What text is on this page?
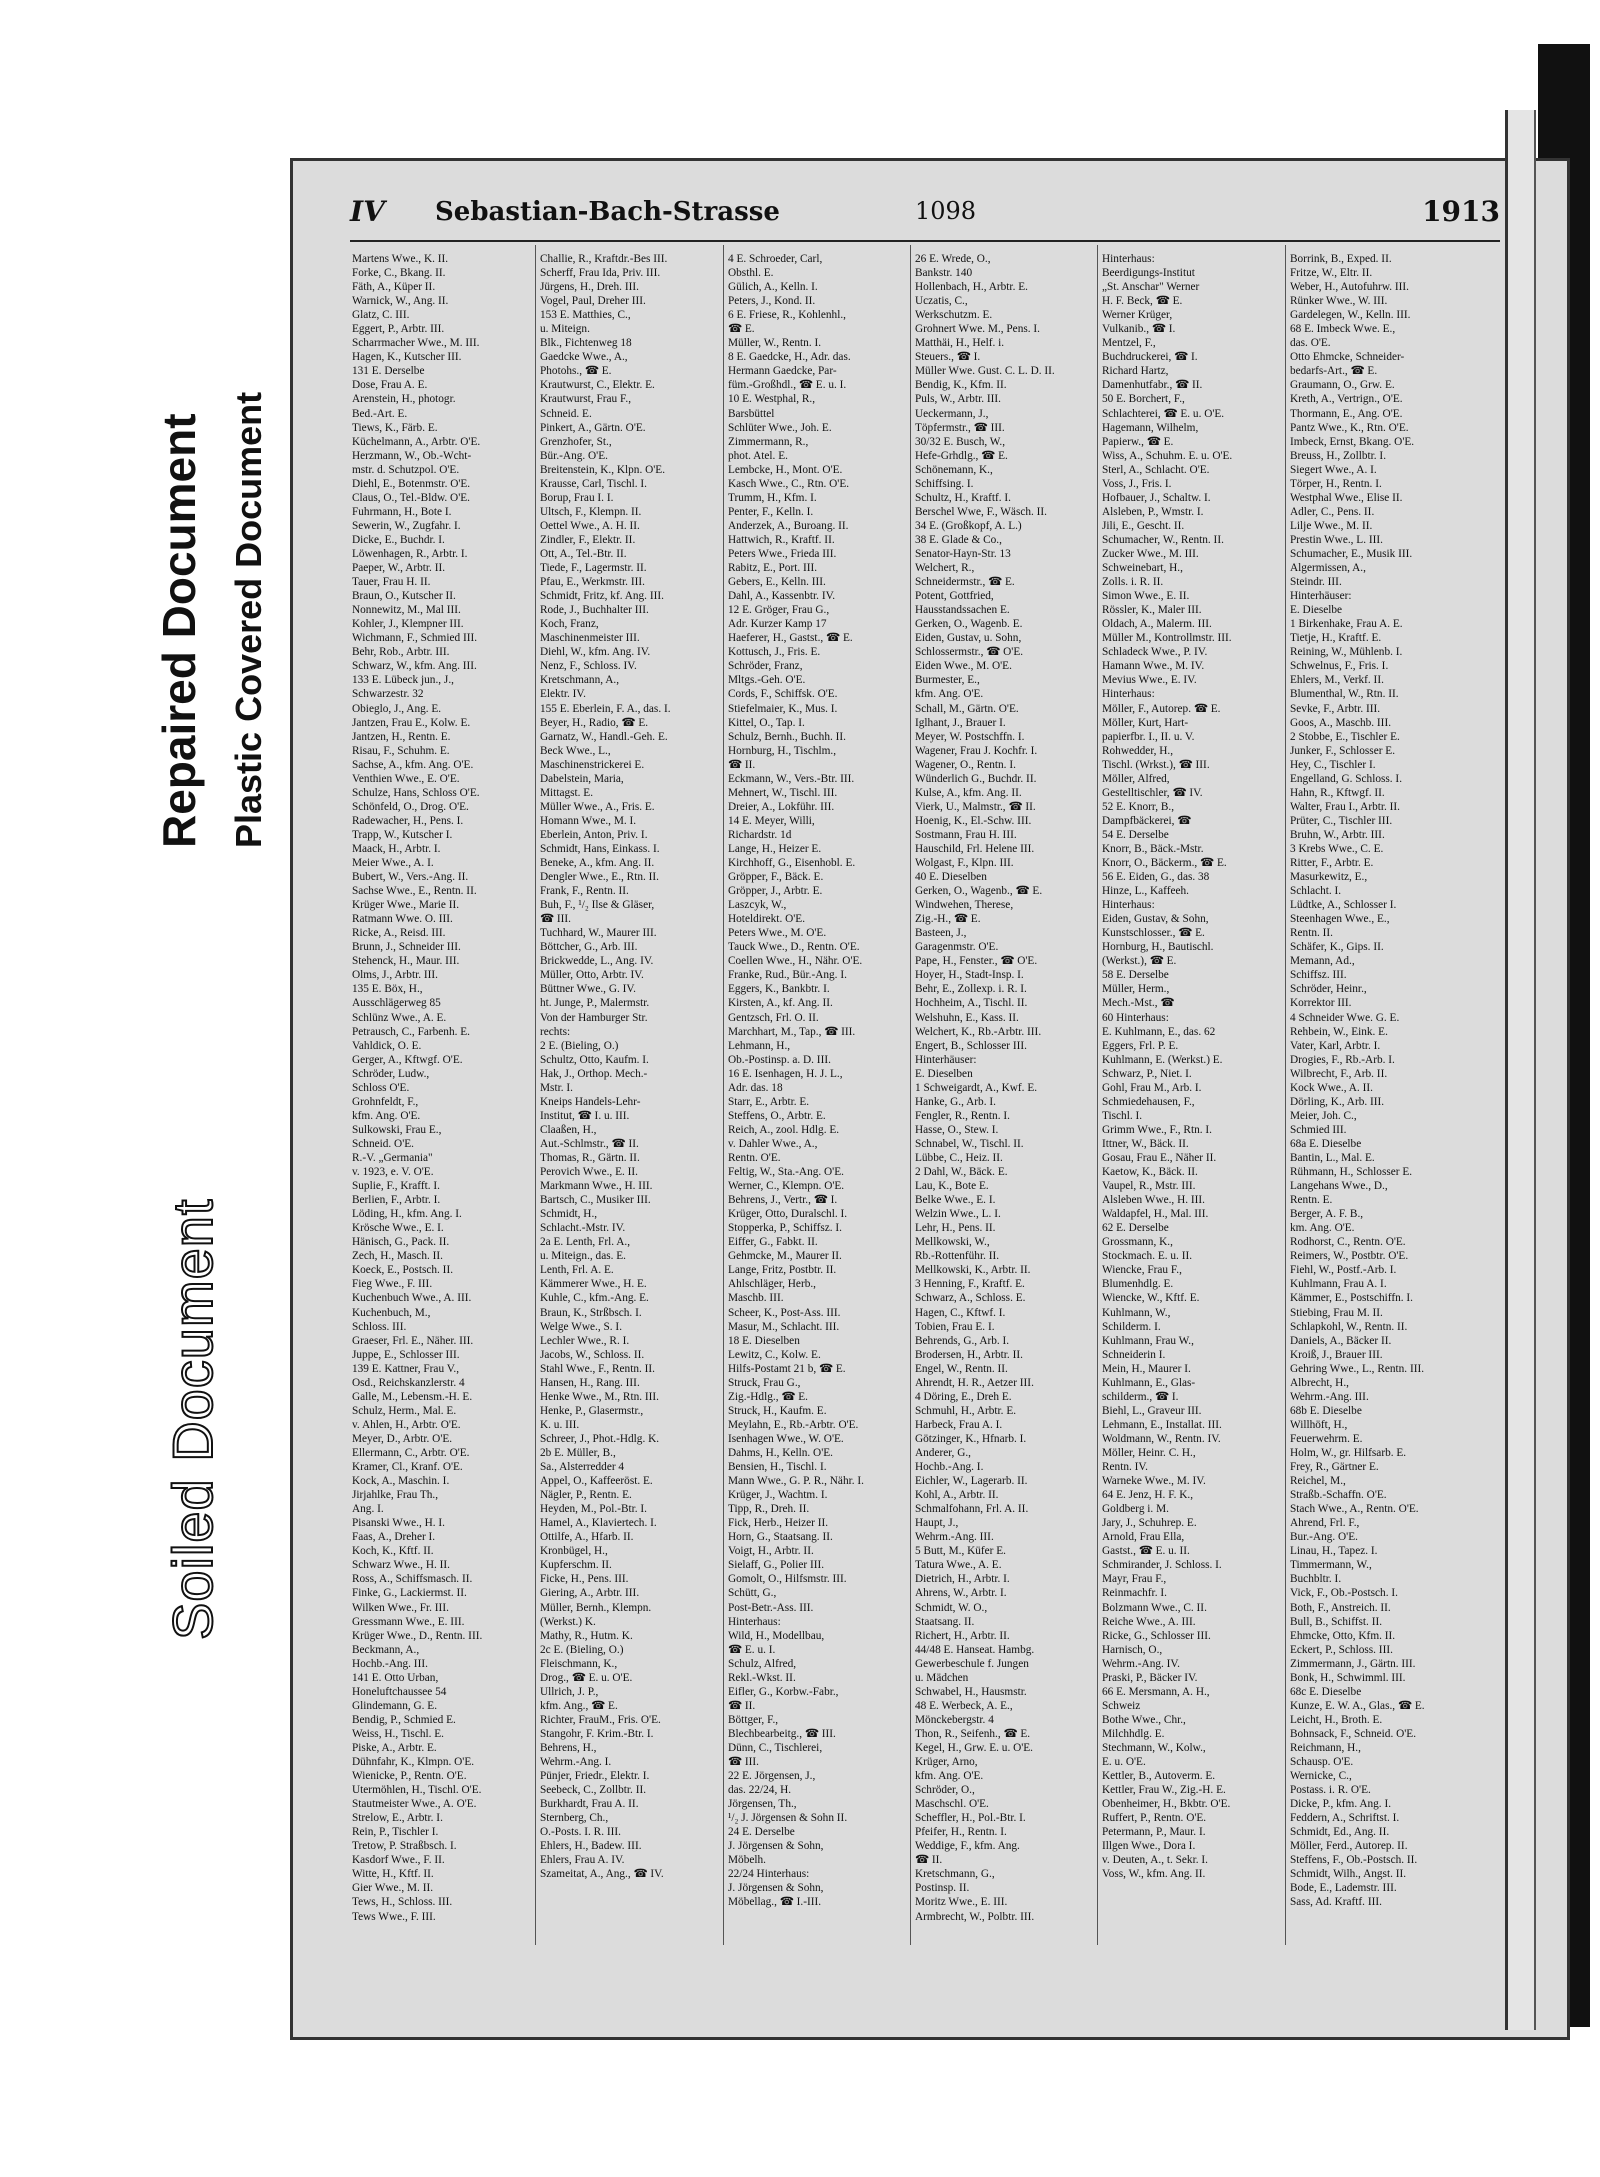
Repaired Document Plastic Covered Document
Soiled Document
IV Sebastian-Bach-Strasse	1098	1913
Martens Wwe., K. II.
Forke, C., Bkang. II.
Fäth, A., Küper II.
Warnick, W., Ang. II.
Glatz, C. III.
Eggert, P., Arbtr. III.
Scharrmacher Wwe., M. III.
Hagen, K., Kutscher III.
131 E. Derselbe
Dose, Frau A. E.
Arenstein, H., photogr.
Bed.-Art. E.
Tiews, K., Färb. E.
Küchelmann, A., Arbtr. O'E.
Herzmann, W., Ob.-Wcht-
mstr. d. Schutzpol. O'E.
Diehl, E., Botenmstr. O'E.
Claus, O., Tel.-Bldw. O'E.
Fuhrmann, H., Bote I.
Sewerin, W., Zugfahr. I.
Dicke, E., Buchdr. I.
Löwenhagen, R., Arbtr. I.
Paeper, W., Arbtr. II.
Tauer, Frau H. II.
Braun, O., Kutscher II.
Nonnewitz, M., Mal III.
Kohler, J., Klempner III.
Wichmann, F., Schmied III.
Behr, Rob., Arbtr. III.
Schwarz, W., kfm. Ang. III.
133 E. Lübeck jun., J.,
Schwarzestr. 32
Obieglo, J., Ang. E.
Jantzen, Frau E., Kolw. E.
Jantzen, H., Rentn. E.
Risau, F., Schuhm. E.
Sachse, A., kfm. Ang. O'E.
Venthien Wwe., E. O'E.
Schulze, Hans, Schloss O'E.
Schönfeld, O., Drog. O'E.
Radewacher, H., Pens. I.
Trapp, W., Kutscher I.
Maack, H., Arbtr. I.
Meier Wwe., A. I.
Bubert, W., Vers.-Ang. II.
Sachse Wwe., E., Rentn. II.
Krüger Wwe., Marie II.
Ratmann Wwe. O. III.
Ricke, A., Reisd. III.
Brunn, J., Schneider III.
Stehenck, H., Maur. III.
Olms, J., Arbtr. III.
135 E. Böx, H.,
Ausschlägerweg 85
Schlünz Wwe., A. E.
Petrausch, C., Farbenh. E.
Vahldick, O. E.
Gerger, A., Kftwgf. O'E.
Schröder, Ludw.,
Schloss O'E.
Grohnfeldt, F.,
kfm. Ang. O'E.
Sulkowski, Frau E.,
Schneid. O'E.
R.-V. „Germania"
v. 1923, e. V. O'E.
Suplie, F., Krafft. I.
Berlien, F., Arbtr. I.
Löding, H., kfm. Ang. I.
Krösche Wwe., E. I.
Hänisch, G., Pack. II.
Zech, H., Masch. II.
Koeck, E., Postsch. II.
Fieg Wwe., F. III.
Kuchenbuch Wwe., A. III.
Kuchenbuch, M.,
Schloss. III.
Graeser, Frl. E., Näher. III.
Juppe, E., Schlosser III.
139 E. Kattner, Frau V.,
Osd., Reichskanzlerstr. 4
Galle, M., Lebensm.-H. E.
Schulz, Herm., Mal. E.
v. Ahlen, H., Arbtr. O'E.
Meyer, D., Arbtr. O'E.
Ellermann, C., Arbtr. O'E.
Kramer, Cl., Kranf. O'E.
Kock, A., Maschin. I.
Jirjahlke, Frau Th.,
Ang. I.
Pisanski Wwe., H. I.
Faas, A., Dreher I.
Koch, K., Kftf. II.
Schwarz Wwe., H. II.
Ross, A., Schiffsmasch. II.
Finke, G., Lackiermst. II.
Wilken Wwe., Fr. III.
Gressmann Wwe., E. III.
Krüger Wwe., D., Rentn. III.
Beckmann, A.,
Hochb.-Ang. III.
141 E. Otto Urban,
Honeluftchaussee 54
Glindemann, G. E.
Bendig, P., Schmied E.
Weiss, H., Tischl. E.
Piske, A., Arbtr. E.
Dühnfahr, K., Klmpn. O'E.
Wienicke, P., Rentn. O'E.
Utermöhlen, H., Tischl. O'E.
Stautmeister Wwe., A. O'E.
Strelow, E., Arbtr. I.
Rein, P., Tischler I.
Tretow, P. Straßbsch. I.
Kasdorf Wwe., F. II.
Witte, H., Kftf. II.
Gier Wwe., M. II.
Tews, H., Schloss. III.
Tews Wwe., F. III.
Challie, R., Kraftdr.-Bes III.
Scherff, Frau Ida, Priv. III.
Jürgens, H., Dreh. III.
Vogel, Paul, Dreher III.
153 E. Matthies, C.,
u. Miteign.
Blk., Fichtenweg 18
Gaedcke Wwe., A.,
Photohs., ☎ E.
Krautwurst, C., Elektr. E.
Krautwurst, Frau F.,
Schneid. E.
Pinkert, A., Gärtn. O'E.
Grenzhofer, St.,
Bür.-Ang. O'E.
Breitenstein, K., Klpn. O'E.
Krausse, Carl, Tischl. I.
Borup, Frau I. I.
Ultsch, F., Klempn. II.
Oettel Wwe., A. H. II.
Zindler, F., Elektr. II.
Ott, A., Tel.-Btr. II.
Tiede, F., Lagermstr. II.
Pfau, E., Werkmstr. III.
Schmidt, Fritz, kf. Ang. III.
Rode, J., Buchhalter III.
Koch, Franz,
Maschinenmeister III.
Diehl, W., kfm. Ang. IV.
Nenz, F., Schloss. IV.
Kretschmann, A.,
Elektr. IV.
155 E. Eberlein, F. A., das. I.
Beyer, H., Radio, ☎ E.
Garnatz, W., Handl.-Geh. E.
Beck Wwe., L.,
Maschinenstrickerei E.
Dabelstein, Maria,
Mittagst. E.
Müller Wwe., A., Fris. E.
Homann Wwe., M. I.
Eberlein, Anton, Priv. I.
Schmidt, Hans, Einkass. I.
Beneke, A., kfm. Ang. II.
Dengler Wwe., E., Rtn. II.
Frank, F., Rentn. II.
Buh, F., ¹/₂ Ilse & Gläser,
☎ III.
Tuchhard, W., Maurer III.
Böttcher, G., Arb. III.
Brickwedde, L., Ang. IV.
Müller, Otto, Arbtr. IV.
Büttner Wwe., G. IV.
ht. Junge, P., Malermstr.
Von der Hamburger Str.
rechts:
2 E. (Bieling, O.)
Schultz, Otto, Kaufm. I.
Hak, J., Orthop. Mech.-
Mstr. I.
Kneips Handels-Lehr-
Institut, ☎ I. u. III.
Claaßen, H.,
Aut.-Schlmstr., ☎ II.
Thomas, R., Gärtn. II.
Perovich Wwe., E. II.
Markmann Wwe., H. III.
Bartsch, C., Musiker III.
Schmidt, H.,
Schlacht.-Mstr. IV.
2a E. Lenth, Frl. A.,
u. Miteign., das. E.
Lenth, Frl. A. E.
Kämmerer Wwe., H. E.
Kuhle, C., kfm.-Ang. E.
Braun, K., Strßbsch. I.
Welge Wwe., S. I.
Lechler Wwe., R. I.
Jacobs, W., Schloss. II.
Stahl Wwe., F., Rentn. II.
Hansen, H., Rang. III.
Henke Wwe., M., Rtn. III.
Henke, P., Glasermstr.,
K. u. III.
Schreer, J., Phot.-Hdlg. K.
2b E. Müller, B.,
Sa., Alsterredder 4
Appel, O., Kaffeeröst. E.
Nägler, P., Rentn. E.
Heyden, M., Pol.-Btr. I.
Hamel, A., Klaviertech. I.
Ottilfe, A., Hfarb. II.
Kronbügel, H.,
Kupferschm. II.
Ficke, H., Pens. III.
Giering, A., Arbtr. III.
Müller, Bernh., Klempn.
(Werkst.) K.
Mathy, R., Hutm. K.
2c E. (Bieling, O.)
Fleischmann, K.,
Drog., ☎ E. u. O'E.
Ullrich, J. P.,
kfm. Ang., ☎ E.
Richter, FrauM., Fris. O'E.
Stangohr, F. Krim.-Btr. I.
Behrens, H.,
Wehrm.-Ang. I.
Pünjer, Friedr., Elektr. I.
Seebeck, C., Zollbtr. II.
Burkhardt, Frau A. II.
Sternberg, Ch.,
O.-Posts. I. R. III.
Ehlers, H., Badew. III.
Ehlers, Frau A. IV.
Szameitat, A., Ang., ☎ IV.
4 E. Schroeder, Carl,
Obsthl. E.
Gülich, A., Kelln. I.
Peters, J., Kond. II.
6 E. Friese, R., Kohlenhl.,
☎ E.
Müller, W., Rentn. I.
8 E. Gaedcke, H., Adr. das.
Hermann Gaedcke, Par-
füm.-Großhdl., ☎ E. u. I.
10 E. Westphal, R.,
Barsbüttel
Schlüter Wwe., Joh. E.
Zimmermann, R.,
phot. Atel. E.
Lembcke, H., Mont. O'E.
Kasch Wwe., C., Rtn. O'E.
Trumm, H., Kfm. I.
Penter, F., Kelln. I.
Anderzek, A., Buroang. II.
Hattwich, R., Kraftf. II.
Peters Wwe., Frieda III.
Rabitz, E., Port. III.
Gebers, E., Kelln. III.
Dahl, A., Kassenbtr. IV.
12 E. Gröger, Frau G.,
Adr. Kurzer Kamp 17
Haeferer, H., Gastst., ☎ E.
Kottusch, J., Fris. E.
Schröder, Franz,
Mltgs.-Geh. O'E.
Cords, F., Schiffsk. O'E.
Stiefelmaier, K., Mus. I.
Kittel, O., Tap. I.
Schulz, Bernh., Buchh. II.
Hornburg, H., Tischlm.,
☎ II.
Eckmann, W., Vers.-Btr. III.
Mehnert, W., Tischl. III.
Dreier, A., Lokführ. III.
14 E. Meyer, Willi,
Richardstr. 1d
Lange, H., Heizer E.
Kirchhoff, G., Eisenhobl. E.
Gröpper, F., Bäck. E.
Gröpper, J., Arbtr. E.
Laszcyk, W.,
Hoteldirekt. O'E.
Peters Wwe., M. O'E.
Tauck Wwe., D., Rentn. O'E.
Coellen Wwe., H., Nähr. O'E.
Franke, Rud., Bür.-Ang. I.
Eggers, K., Bankbtr. I.
Kirsten, A., kf. Ang. II.
Gentzsch, Frl. O. II.
Marchhart, M., Tap., ☎ III.
Lehmann, H.,
Ob.-Postinsp. a. D. III.
16 E. Isenhagen, H. J. L.,
Adr. das. 18
Starr, E., Arbtr. E.
Steffens, O., Arbtr. E.
Reich, A., zool. Hdlg. E.
v. Dahler Wwe., A.,
Rentn. O'E.
Feltig, W., Sta.-Ang. O'E.
Werner, C., Klempn. O'E.
Behrens, J., Vertr., ☎ I.
Krüger, Otto, Duralschl. I.
Stopperka, P., Schiffsz. I.
Eiffer, G., Fabkt. II.
Gehmcke, M., Maurer II.
Lange, Fritz, Postbtr. II.
Ahlschläger, Herb.,
Maschb. III.
Scheer, K., Post-Ass. III.
Masur, M., Schlacht. III.
18 E. Dieselben
Lewitz, C., Kolw. E.
Hilfs-Postamt 21 b, ☎ E.
Struck, Frau G.,
Zig.-Hdlg., ☎ E.
Struck, H., Kaufm. E.
Meylahn, E., Rb.-Arbtr. O'E.
Isenhagen Wwe., W. O'E.
Dahms, H., Kelln. O'E.
Bensien, H., Tischl. I.
Mann Wwe., G. P. R., Nähr. I.
Krüger, J., Wachtm. I.
Tipp, R., Dreh. II.
Fick, Herb., Heizer II.
Horn, G., Staatsang. II.
Voigt, H., Arbtr. II.
Sielaff, G., Polier III.
Gomolt, O., Hilfsmstr. III.
Schütt, G.,
Post-Betr.-Ass. III.
Hinterhaus:
Wild, H., Modellbau,
☎ E. u. I.
Schulz, Alfred,
Rekl.-Wkst. II.
Eifler, G., Korbw.-Fabr.,
☎ II.
Böttger, F.,
Blechbearbeitg., ☎ III.
Dünn, C., Tischlerei,
☎ III.
22 E. Jörgensen, J.,
das. 22/24, H.
Jörgensen, Th.,
¹/₂ J. Jörgensen & Sohn II.
24 E. Derselbe
J. Jörgensen & Sohn,
Möbelh.
22/24 Hinterhaus:
J. Jörgensen & Sohn,
Möbellag., ☎ I.-III.
26 E. Wrede, O.,
Bankstr. 140
Hollenbach, H., Arbtr. E.
Uczatis, C.,
Werkschutzm. E.
Grohnert Wwe. M., Pens. I.
Matthäi, H., Helf. i.
Steuers., ☎ I.
Müller Wwe. Gust. C. L. D. II.
Bendig, K., Kfm. II.
Puls, W., Arbtr. III.
Ueckermann, J.,
Töpfermstr., ☎ III.
30/32 E. Busch, W.,
Hefe-Grhdlg., ☎ E.
Schönemann, K.,
Schiffsing. I.
Schultz, H., Kraftf. I.
Berschel Wwe, F., Wäsch. II.
34 E. (Großkopf, A. L.)
38 E. Glade & Co.,
Senator-Hayn-Str. 13
Welchert, R.,
Schneidermstr., ☎ E.
Potent, Gottfried,
Hausstandssachen E.
Gerken, O., Wagenb. E.
Eiden, Gustav, u. Sohn,
Schlossermstr., ☎ O'E.
Eiden Wwe., M. O'E.
Burmester, E.,
kfm. Ang. O'E.
Schall, M., Gärtn. O'E.
Iglhant, J., Brauer I.
Meyer, W. Postschffn. I.
Wagener, Frau J. Kochfr. I.
Wagener, O., Rentn. I.
Wünderlich G., Buchdr. II.
Kulse, A., kfm. Ang. II.
Vierk, U., Malmstr., ☎ II.
Hoenig, K., El.-Schw. III.
Sostmann, Frau H. III.
Hauschild, Frl. Helene III.
Wolgast, F., Klpn. III.
40 E. Dieselben
Gerken, O., Wagenb., ☎ E.
Windwehen, Therese,
Zig.-H., ☎ E.
Basteen, J.,
Garagenmstr. O'E.
Pape, H., Fenster., ☎ O'E.
Hoyer, H., Stadt-Insp. I.
Behr, E., Zollexp. i. R. I.
Hochheim, A., Tischl. II.
Welshuhn, E., Kass. II.
Welchert, K., Rb.-Arbtr. III.
Engert, B., Schlosser III.
Hinterhäuser:
E. Dieselben
1 Schweigardt, A., Kwf. E.
Hanke, G., Arb. I.
Fengler, R., Rentn. I.
Hasse, O., Stew. I.
Schnabel, W., Tischl. II.
Lübbe, C., Heiz. II.
2 Dahl, W., Bäck. E.
Lau, K., Bote E.
Belke Wwe., E. I.
Welzin Wwe., L. I.
Lehr, H., Pens. II.
Mellkowski, W.,
Rb.-Rottenführ. II.
Mellkowski, K., Arbtr. II.
3 Henning, F., Kraftf. E.
Schwarz, A., Schloss. E.
Hagen, C., Kftwf. I.
Tobien, Frau E. I.
Behrends, G., Arb. I.
Brodersen, H., Arbtr. II.
Engel, W., Rentn. II.
Ahrendt, H. R., Aetzer III.
4 Döring, E., Dreh E.
Schmuhl, H., Arbtr. E.
Harbeck, Frau A. I.
Götzinger, K., Hfnarb. I.
Anderer, G.,
Hochb.-Ang. I.
Eichler, W., Lagerarb. II.
Kohl, A., Arbtr. II.
Schmalfohann, Frl. A. II.
Haupt, J.,
Wehrm.-Ang. III.
5 Butt, M., Küfer E.
Tatura Wwe., A. E.
Dietrich, H., Arbtr. I.
Ahrens, W., Arbtr. I.
Schmidt, W. O.,
Staatsang. II.
Richert, H., Arbtr. II.
44/48 E. Hanseat. Hambg.
Gewerbeschule f. Jungen
u. Mädchen
Schwabel, H., Hausmstr.
48 E. Werbeck, A. E.,
Mönckebergstr. 4
Thon, R., Seifenh., ☎ E.
Kegel, H., Grw. E. u. O'E.
Krüger, Arno,
kfm. Ang. O'E.
Schröder, O.,
Maschschl. O'E.
Scheffler, H., Pol.-Btr. I.
Pfeifer, H., Rentn. I.
Weddige, F., kfm. Ang.
☎ II.
Kretschmann, G.,
Postinsp. II.
Moritz Wwe., E. III.
Armbrecht, W., Polbtr. III.
Hinterhaus:
Beerdigungs-Institut
„St. Anschar" Werner
H. F. Beck, ☎ E.
Werner Krüger,
Vulkanib., ☎ I.
Mentzel, F.,
Buchdruckerei, ☎ I.
Richard Hartz,
Damenhutfabr., ☎ II.
50 E. Borchert, F.,
Schlachterei, ☎ E. u. O'E.
Hagemann, Wilhelm,
Papierw., ☎ E.
Wiss, A., Schuhm. E. u. O'E.
Sterl, A., Schlacht. O'E.
Voss, J., Fris. I.
Hofbauer, J., Schaltw. I.
Alsleben, P., Wmstr. I.
Jili, E., Gescht. II.
Schumacher, W., Rentn. II.
Zucker Wwe., M. III.
Schweinebart, H.,
Zolls. i. R. II.
Simon Wwe., E. II.
Rössler, K., Maler III.
Oldach, A., Malerm. III.
Müller M., Kontrollmstr. III.
Schladeck Wwe., P. IV.
Hamann Wwe., M. IV.
Mevius Wwe., E. IV.
Hinterhaus:
Möller, F., Autorep. ☎ E.
Möller, Kurt, Hart-
papierfbr. I., II. u. V.
Rohwedder, H.,
Tischl. (Wrkst.), ☎ III.
Möller, Alfred,
Gestelltischler, ☎ IV.
52 E. Knorr, B.,
Dampfbäckerei, ☎
54 E. Derselbe
Knorr, B., Bäck.-Mstr.
Knorr, O., Bäckerm., ☎ E.
56 E. Eiden, G., das. 38
Hinze, L., Kaffeeh.
Hinterhaus:
Eiden, Gustav, & Sohn,
Kunstschlosser., ☎ E.
Hornburg, H., Bautischl.
(Werkst.), ☎ E.
58 E. Derselbe
Müller, Herm.,
Mech.-Mst., ☎
60 Hinterhaus:
E. Kuhlmann, E., das. 62
Eggers, Frl. P. E.
Kuhlmann, E. (Werkst.) E.
Schwarz, P., Niet. I.
Gohl, Frau M., Arb. I.
Schmiedehausen, F.,
Tischl. I.
Grimm Wwe., F., Rtn. I.
Ittner, W., Bäck. II.
Gosau, Frau E., Näher II.
Kaetow, K., Bäck. II.
Vaupel, R., Mstr. III.
Alsleben Wwe., H. III.
Waldapfel, H., Mal. III.
62 E. Derselbe
Grossmann, K.,
Stockmach. E. u. II.
Wiencke, Frau F.,
Blumenhdlg. E.
Wiencke, W., Kftf. E.
Kuhlmann, W.,
Schilderm. I.
Kuhlmann, Frau W.,
Schneiderin I.
Mein, H., Maurer I.
Kuhlmann, E., Glas-
schilderm., ☎ I.
Biehl, L., Graveur III.
Lehmann, E., Installat. III.
Woldmann, W., Rentn. IV.
Möller, Heinr. C. H.,
Rentn. IV.
Warneke Wwe., M. IV.
64 E. Jenz, H. F. K.,
Goldberg i. M.
Jary, J., Schuhrep. E.
Arnold, Frau Ella,
Gastst., ☎ E. u. II.
Schmirander, J. Schloss. I.
Mayr, Frau F.,
Reinmachfr. I.
Bolzmann Wwe., C. II.
Reiche Wwe., A. III.
Ricke, G., Schlosser III.
Harnisch, O.,
Wehrm.-Ang. IV.
Praski, P., Bäcker IV.
66 E. Mersmann, A. H.,
Schweiz
Bothe Wwe., Chr.,
Milchhdlg. E.
Stechmann, W., Kolw.,
E. u. O'E.
Kettler, B., Autoverm. E.
Kettler, Frau W., Zig.-H. E.
Obenheimer, H., Bkbtr. O'E.
Ruffert, P., Rentn. O'E.
Petermann, P., Maur. I.
Illgen Wwe., Dora I.
v. Deuten, A., t. Sekr. I.
Voss, W., kfm. Ang. II.
Borrink, B., Exped. II.
Fritze, W., Eltr. II.
Weber, H., Autofuhrw. III.
Rünker Wwe., W. III.
Gardelegen, W., Kelln. III.
68 E. Imbeck Wwe. E.,
das. O'E.
Otto Ehmcke, Schneider-
bedarfs-Art., ☎ E.
Graumann, O., Grw. E.
Kreth, A., Vertrign., O'E.
Thormann, E., Ang. O'E.
Pantz Wwe., K., Rtn. O'E.
Imbeck, Ernst, Bkang. O'E.
Breuss, H., Zollbtr. I.
Siegert Wwe., A. I.
Törper, H., Rentn. I.
Westphal Wwe., Elise II.
Adler, C., Pens. II.
Lilje Wwe., M. II.
Prestin Wwe., L. III.
Schumacher, E., Musik III.
Algermissen, A.,
Steindr. III.
Hinterhäuser:
E. Dieselbe
1 Birkenhake, Frau A. E.
Tietje, H., Kraftf. E.
Reining, W., Mühlenb. I.
Schwelnus, F., Fris. I.
Ehlers, M., Verkf. II.
Blumenthal, W., Rtn. II.
Sevke, F., Arbtr. III.
Goos, A., Maschb. III.
2 Stobbe, E., Tischler E.
Junker, F., Schlosser E.
Hey, C., Tischler I.
Engelland, G. Schloss. I.
Hahn, R., Kftwgf. II.
Walter, Frau I., Arbtr. II.
Prüter, C., Tischler III.
Bruhn, W., Arbtr. III.
3 Krebs Wwe., C. E.
Ritter, F., Arbtr. E.
Masurkewitz, E.,
Schlacht. I.
Lüdtke, A., Schlosser I.
Steenhagen Wwe., E.,
Rentn. II.
Schäfer, K., Gips. II.
Memann, Ad.,
Schiffsz. III.
Schröder, Heinr.,
Korrektor III.
4 Schneider Wwe. G. E.
Rehbein, W., Eink. E.
Vater, Karl, Arbtr. I.
Drogies, F., Rb.-Arb. I.
Wilbrecht, F., Arb. II.
Kock Wwe., A. II.
Dörling, K., Arb. III.
Meier, Joh. C.,
Schmied III.
68a E. Dieselbe
Bantin, L., Mal. E.
Rühmann, H., Schlosser E.
Langehans Wwe., D.,
Rentn. E.
Berger, A. F. B.,
km. Ang. O'E.
Rodhorst, C., Rentn. O'E.
Reimers, W., Postbtr. O'E.
Fiehl, W., Postf.-Arb. I.
Kuhlmann, Frau A. I.
Kämmer, E., Postschiffn. I.
Stiebing, Frau M. II.
Schlapkohl, W., Rentn. II.
Daniels, A., Bäcker II.
Kroiß, J., Brauer III.
Gehring Wwe., L., Rentn. III.
Albrecht, H.,
Wehrm.-Ang. III.
68b E. Dieselbe
Willhöft, H.,
Feuerwehrm. E.
Holm, W., gr. Hilfsarb. E.
Frey, R., Gärtner E.
Reichel, M.,
Straßb.-Schaffn. O'E.
Stach Wwe., A., Rentn. O'E.
Ahrend, Frl. F.,
Bur.-Ang. O'E.
Linau, H., Tapez. I.
Timmermann, W.,
Buchbltr. I.
Vick, F., Ob.-Postsch. I.
Both, F., Anstreich. II.
Bull, B., Schiffst. II.
Ehmcke, Otto, Kfm. II.
Eckert, P., Schloss. III.
Zimmermann, J., Gärtn. III.
Bonk, H., Schwimml. III.
68c E. Dieselbe
Kunze, E. W. A., Glas., ☎ E.
Leicht, H., Broth. E.
Bohnsack, F., Schneid. O'E.
Reichmann, H.,
Schausp. O'E.
Wernicke, C.,
Postass. i. R. O'E.
Dicke, P., kfm. Ang. I.
Feddern, A., Schriftst. I.
Schmidt, Ed., Ang. II.
Möller, Ferd., Autorep. II.
Steffens, F., Ob.-Postsch. II.
Schmidt, Wilh., Angst. II.
Bode, E., Lademstr. III.
Sass, Ad. Kraftf. III.
